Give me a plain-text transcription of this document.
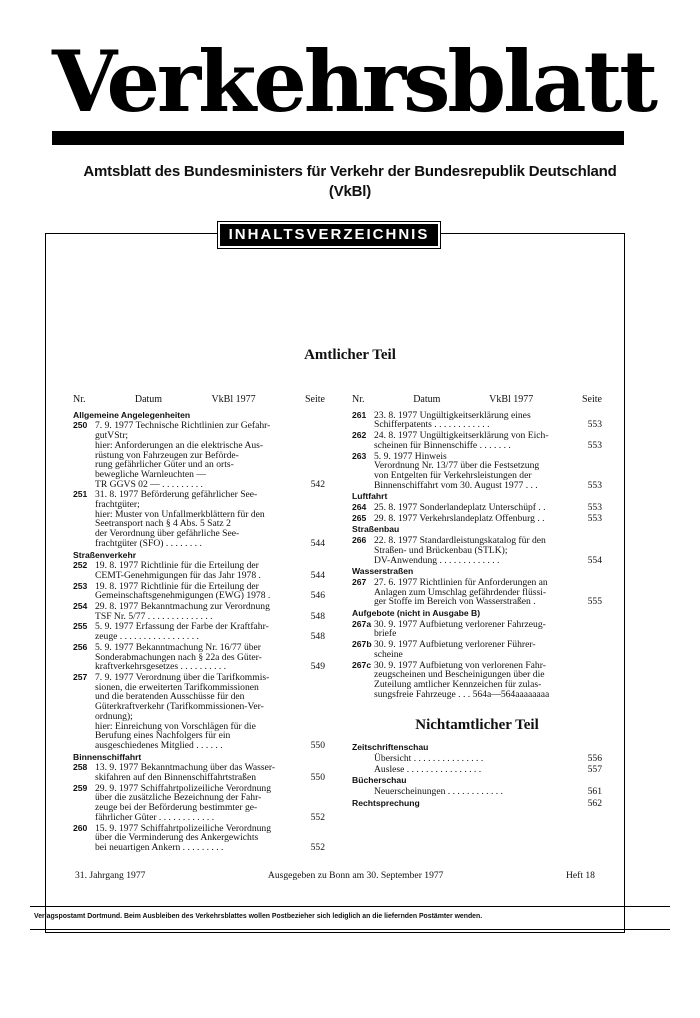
Verkehrsblatt
Amtsblatt des Bundesministers für Verkehr der Bundesrepublik Deutschland
(VkBl)
INHALTSVERZEICHNIS
Amtlicher Teil
Nr.	Datum	VkBl 1977	Seite
Allgemeine Angelegenheiten
250 7. 9. 1977 Technische Richtlinien zur Gefahr-
gutVStr;
hier: Anforderungen an die elektrische Aus-
rüstung von Fahrzeugen zur Beförde-
rung gefährlicher Güter und an orts-
bewegliche Warnleuchten —
TR GGVS 02 — . . . . . . . . .	542
251 31. 8. 1977 Beförderung gefährlicher See-
frachtgüter;
hier: Muster von Unfallmerkblättern für den
Seetransport nach § 4 Abs. 5 Satz 2
der Verordnung über gefährliche See-
frachtgüter (SFO) . . . . . . . .	544
Straßenverkehr
252 19. 8. 1977 Richtlinie für die Erteilung der
CEMT-Genehmigungen für das Jahr 1978 .	544
253 19. 8. 1977 Richtlinie für die Erteilung der
Gemeinschaftsgenehmigungen (EWG) 1978 .	546
254 29. 8. 1977 Bekanntmachung zur Verordnung
TSF Nr. 5/77 . . . . . . . . . . . . . .	548
255 5. 9. 1977 Erfassung der Farbe der Kraftfahr-
zeuge . . . . . . . . . . . . . . . . .	548
256 5. 9. 1977 Bekanntmachung Nr. 16/77 über
Sonderabmachungen nach § 22a des Güter-
kraftverkehrsgesetzes . . . . . . . . . .	549
257 7. 9. 1977 Verordnung über die Tarifkommis-
sionen, die erweiterten Tarifkommissionen
und die beratenden Ausschüsse für den
Güterkraftverkehr (Tarifkommissionen-Ver-
ordnung);
hier: Einreichung von Vorschlägen für die
Berufung eines Nachfolgers für ein
ausgeschiedenes Mitglied . . . . . .	550
Binnenschiffahrt
258 13. 9. 1977 Bekanntmachung über das Wasser-
skifahren auf den Binnenschiffahrtstraßen	550
259 29. 9. 1977 Schiffahrtpolizeiliche Verordnung
über die zusätzliche Bezeichnung der Fahr-
zeuge bei der Beförderung bestimmter ge-
fährlicher Güter . . . . . . . . . . . .	552
260 15. 9. 1977 Schiffahrtpolizeiliche Verordnung
über die Verminderung des Ankergewichts
bei neuartigen Ankern . . . . . . . . .	552
Nr.	Datum	VkBl 1977	Seite
261 23. 8. 1977 Ungültigkeitserklärung eines
Schifferpatents . . . . . . . . . . . .	553
262 24. 8. 1977 Ungültigkeitserklärung von Eich-
scheinen für Binnenschiffe . . . . . . .	553
263 5. 9. 1977 Hinweis
Verordnung Nr. 13/77 über die Festsetzung
von Entgelten für Verkehrsleistungen der
Binnenschiffahrt vom 30. August 1977 . . .	553
Luftfahrt
264 25. 8. 1977 Sonderlandeplatz Unterschüpf . .	553
265 29. 8. 1977 Verkehrslandeplatz Offenburg . .	553
Straßenbau
266 22. 8. 1977 Standardleistungskatalog für den
Straßen- und Brückenbau (STLK);
DV-Anwendung . . . . . . . . . . . . .	554
Wasserstraßen
267 27. 6. 1977 Richtlinien für Anforderungen an
Anlagen zum Umschlag gefährdender flüssi-
ger Stoffe im Bereich von Wasserstraßen .	555
Aufgebote (nicht in Ausgabe B)
267a 30. 9. 1977 Aufbietung verlorener Fahrzeug-
briefe
267b 30. 9. 1977 Aufbietung verlorener Führer-
scheine
267c 30. 9. 1977 Aufbietung von verlorenen Fahr-
zeugscheinen und Bescheinigungen über die
Zuteilung amtlicher Kennzeichen für zulas-
sungsfreie Fahrzeuge . . . 564a—564aaaaaaaa
Nichtamtlicher Teil
Zeitschriftenschau
Übersicht . . . . . . . . . . . . . . .	556
Auslese . . . . . . . . . . . . . . . .	557
Bücherschau
Neuerscheinungen . . . . . . . . . . . .	561
Rechtsprechung	562
31. Jahrgang 1977	Ausgegeben zu Bonn am 30. September 1977	Heft 18
Verlagspostamt Dortmund. Beim Ausbleiben des Verkehrsblattes wollen Postbezieher sich lediglich an die liefernden Postämter wenden.
